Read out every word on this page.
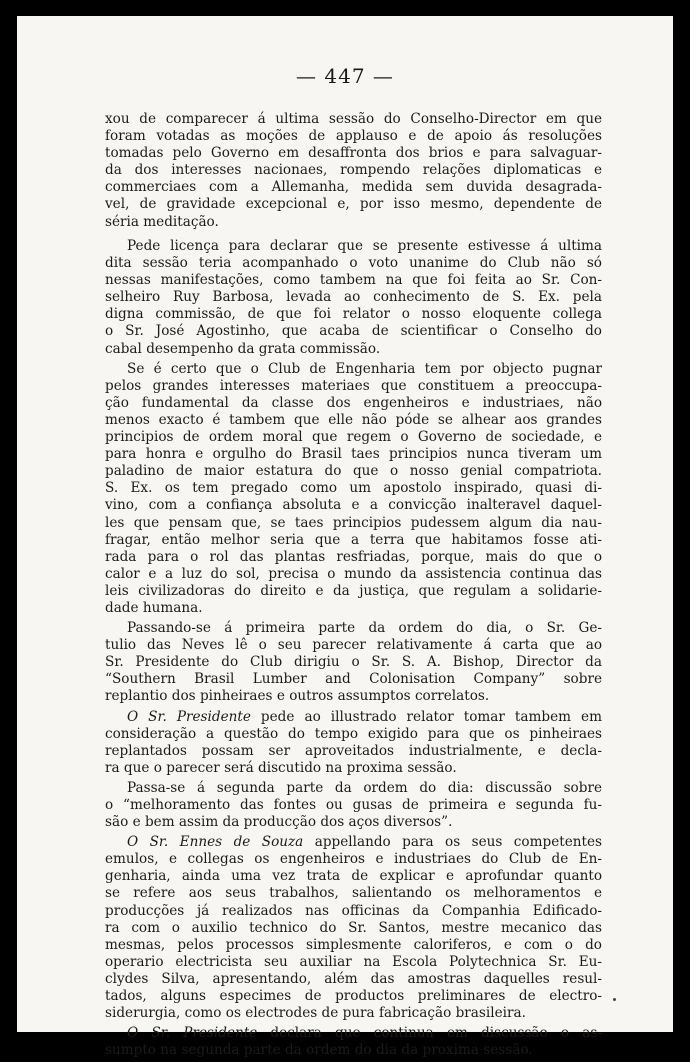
— 447 —
xou de comparecer á ultima sessão do Conselho-Director em que
foram votadas as moções de applauso e de apoio ás resoluções
tomadas pelo Governo em desaffronta dos brios e para salvaguar-
da dos interesses nacionaes, rompendo relações diplomaticas e
commerciaes com a Allemanha, medida sem duvida desagrada-
vel, de gravidade excepcional e, por isso mesmo, dependente de
séria meditação.
Pede licença para declarar que se presente estivesse á ultima
dita sessão teria acompanhado o voto unanime do Club não só
nessas manifestações, como tambem na que foi feita ao Sr. Con-
selheiro Ruy Barbosa, levada ao conhecimento de S. Ex. pela
digna commissão, de que foi relator o nosso eloquente collega
o Sr. José Agostinho, que acaba de scientificar o Conselho do
cabal desempenho da grata commissão.
Se é certo que o Club de Engenharia tem por objecto pugnar
pelos grandes interesses materiaes que constituem a preoccupa-
ção fundamental da classe dos engenheiros e industriaes, não
menos exacto é tambem que elle não póde se alhear aos grandes
principios de ordem moral que regem o Governo de sociedade, e
para honra e orgulho do Brasil taes principios nunca tiveram um
paladino de maior estatura do que o nosso genial compatriota.
S. Ex. os tem pregado como um apostolo inspirado, quasi di-
vino, com a confiança absoluta e a convicção inalteravel daquel-
les que pensam que, se taes principios pudessem algum dia nau-
fragar, então melhor seria que a terra que habitamos fosse ati-
rada para o rol das plantas resfriadas, porque, mais do que o
calor e a luz do sol, precisa o mundo da assistencia continua das
leis civilizadoras do direito e da justiça, que regulam a solidarie-
dade humana.
Passando-se á primeira parte da ordem do dia, o Sr. Ge-
tulio das Neves lê o seu parecer relativamente á carta que ao
Sr. Presidente do Club dirigiu o Sr. S. A. Bishop, Director da
“Southern Brasil Lumber and Colonisation Company” sobre
replantio dos pinheiraes e outros assumptos correlatos.
O Sr. Presidente pede ao illustrado relator tomar tambem em
consideração a questão do tempo exigido para que os pinheiraes
replantados possam ser aproveitados industrialmente, e decla-
ra que o parecer será discutido na proxima sessão.
Passa-se á segunda parte da ordem do dia: discussão sobre
o “melhoramento das fontes ou gusas de primeira e segunda fu-
são e bem assim da producção dos aços diversos”.
O Sr. Ennes de Souza appellando para os seus competentes
emulos, e collegas os engenheiros e industriaes do Club de En-
genharia, ainda uma vez trata de explicar e aprofundar quanto
se refere aos seus trabalhos, salientando os melhoramentos e
producções já realizados nas officinas da Companhia Edificado-
ra com o auxilio technico do Sr. Santos, mestre mecanico das
mesmas, pelos processos simplesmente caloriferos, e com o do
operario electricista seu auxiliar na Escola Polytechnica Sr. Eu-
clydes Silva, apresentando, além das amostras daquelles resul-
tados, alguns especimes de productos preliminares de electro-
siderurgia, como os electrodes de pura fabricação brasileira.
O Sr. Presidente declara que continua em discussão o as-
sumpto na segunda parte da ordem do dia da proxima sessão.
